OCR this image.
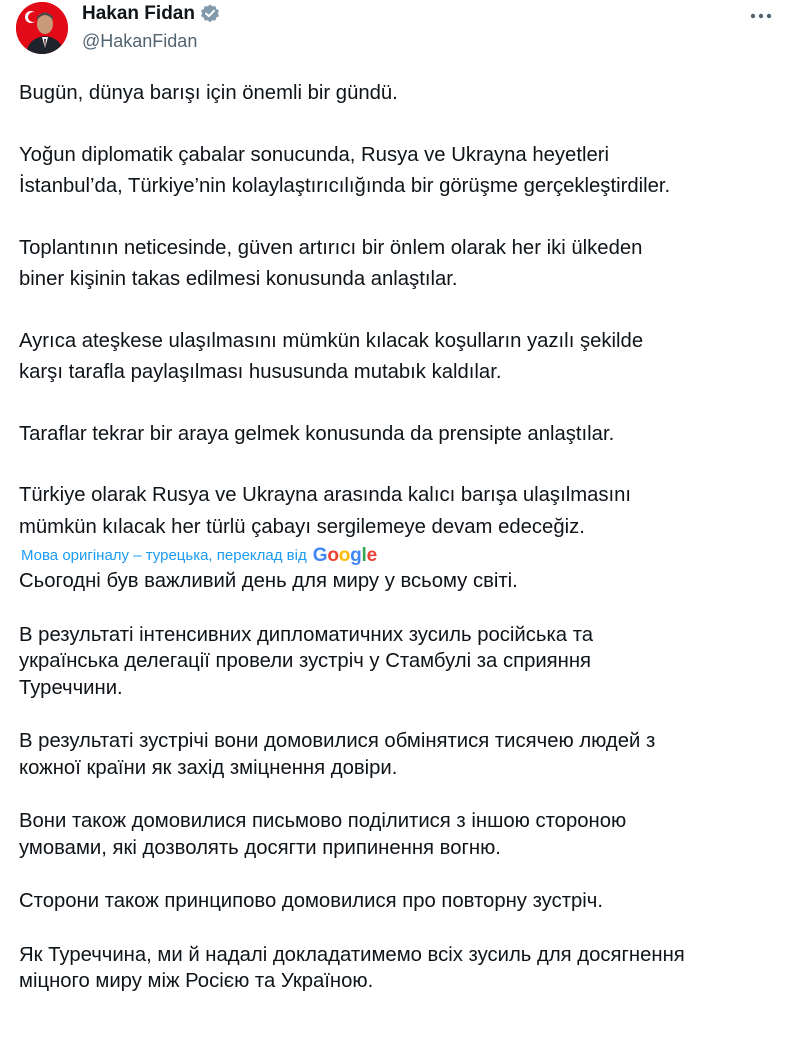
Hakan Fidan
@HakanFidan

Bugün, dünya barışı için önemli bir gündü.

Yoğun diplomatik çabalar sonucunda, Rusya ve Ukrayna heyetleri
İstanbul’da, Türkiye’nin kolaylaştırıcılığında bir görüşme gerçekleştirdiler.

Toplantının neticesinde, güven artırıcı bir önlem olarak her iki ülkeden
biner kişinin takas edilmesi konusunda anlaştılar.

Ayrıca ateşkese ulaşılmasını mümkün kılacak koşulların yazılı şekilde
karşı tarafla paylaşılması hususunda mutabık kaldılar.

Taraflar tekrar bir araya gelmek konusunda da prensipte anlaştılar.

Türkiye olarak Rusya ve Ukrayna arasında kalıcı barışa ulaşılmasını
mümkün kılacak her türlü çabayı sergilemeye devam edeceğiz.

Мова оригіналу – турецька, переклад від Google

Сьогодні був важливий день для миру у всьому світі.

В результаті інтенсивних дипломатичних зусиль російська та
українська делегації провели зустріч у Стамбулі за сприяння
Туреччини.

В результаті зустрічі вони домовилися обмінятися тисячею людей з
кожної країни як захід зміцнення довіри.

Вони також домовилися письмово поділитися з іншою стороною
умовами, які дозволять досягти припинення вогню.

Сторони також принципово домовилися про повторну зустріч.

Як Туреччина, ми й надалі докладатимемо всіх зусиль для досягнення
міцного миру між Росією та Україною.
